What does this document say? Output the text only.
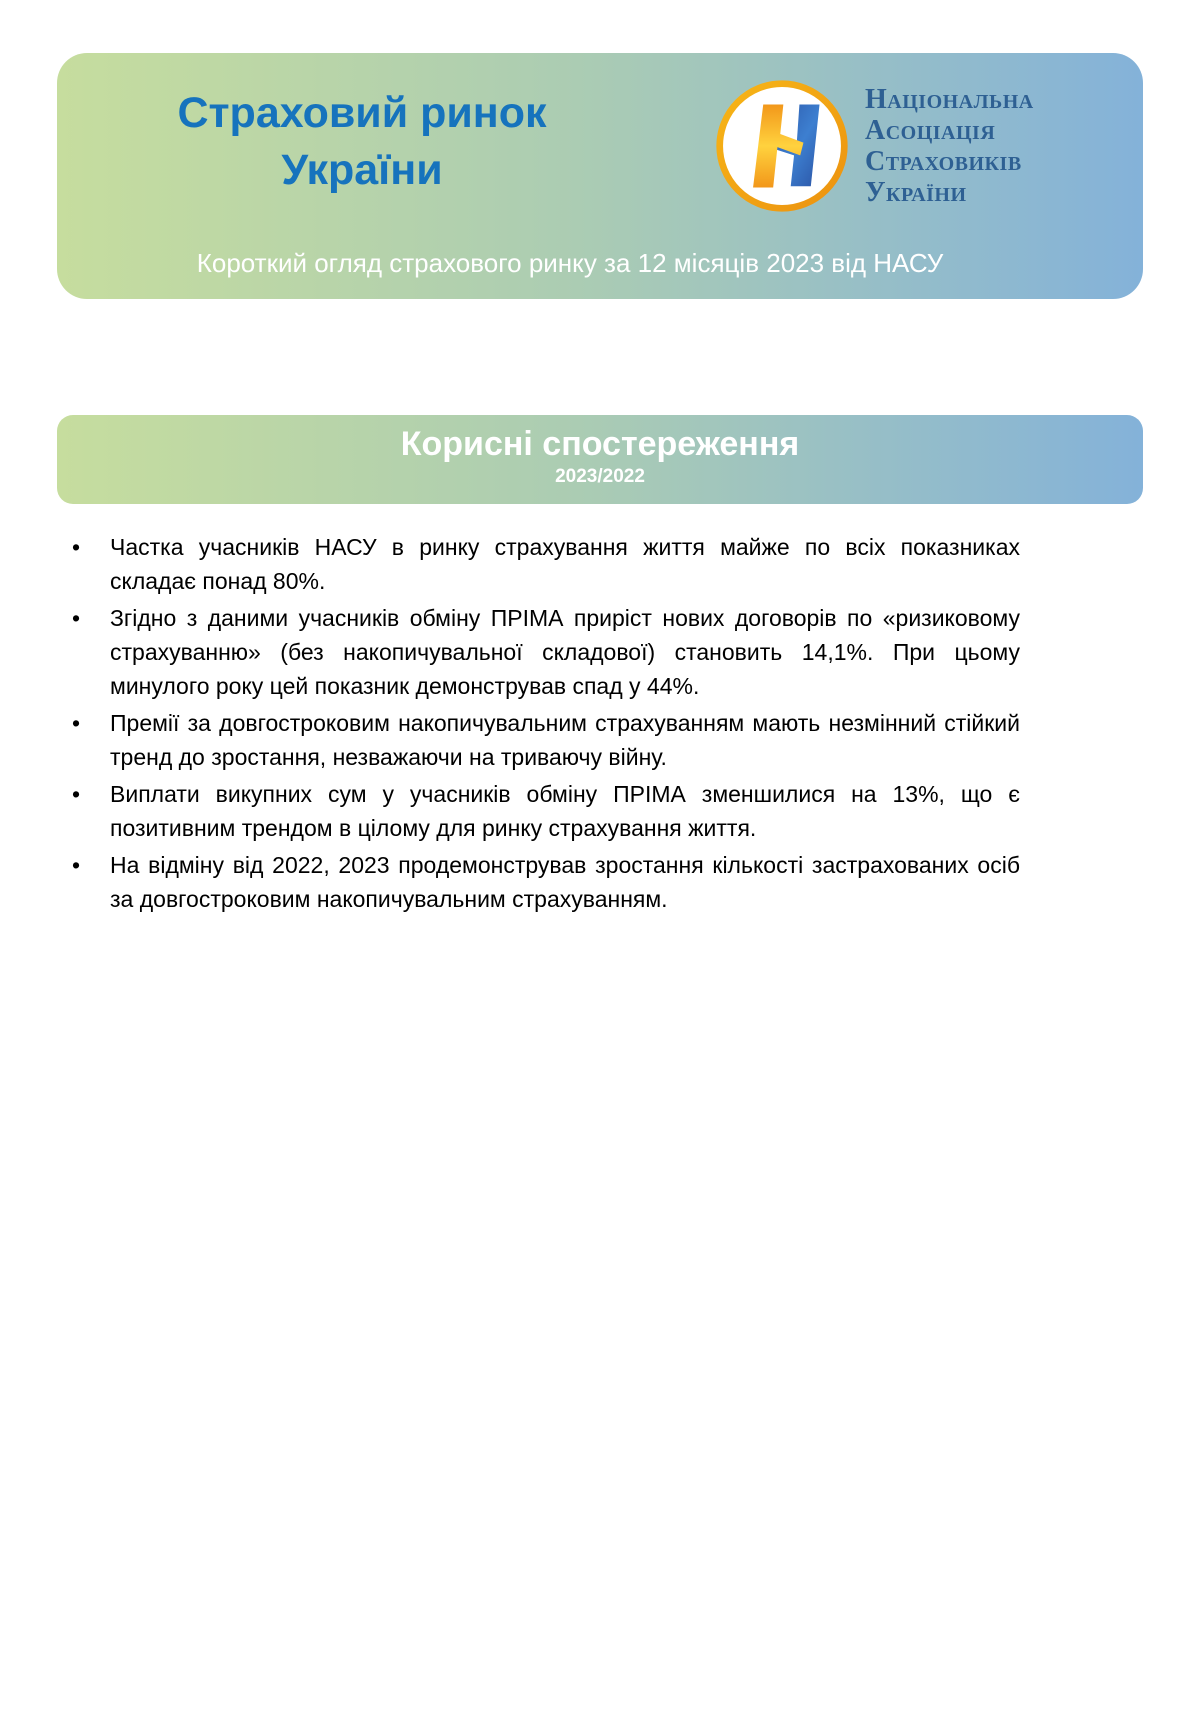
Страховий ринок
України
Національна
Асоціація
Страховиків
України
Короткий огляд страхового ринку за 12 місяців 2023 від НАСУ
Корисні спостереження
2023/2022
• Частка учасників НАСУ в ринку страхування життя майже по всіх показниках складає понад 80%.
• Згідно з даними учасників обміну ПРІМА приріст нових договорів по «ризиковому страхуванню» (без накопичувальної складової) становить 14,1%. При цьому минулого року цей показник демонстрував спад у 44%.
• Премії за довгостроковим накопичувальним страхуванням мають незмінний стійкий тренд до зростання, незважаючи на триваючу війну.
• Виплати викупних сум у учасників обміну ПРІМА зменшилися на 13%, що є позитивним трендом в цілому для ринку страхування життя.
• На відміну від 2022, 2023 продемонстрував зростання кількості застрахованих осіб за довгостроковим накопичувальним страхуванням.
